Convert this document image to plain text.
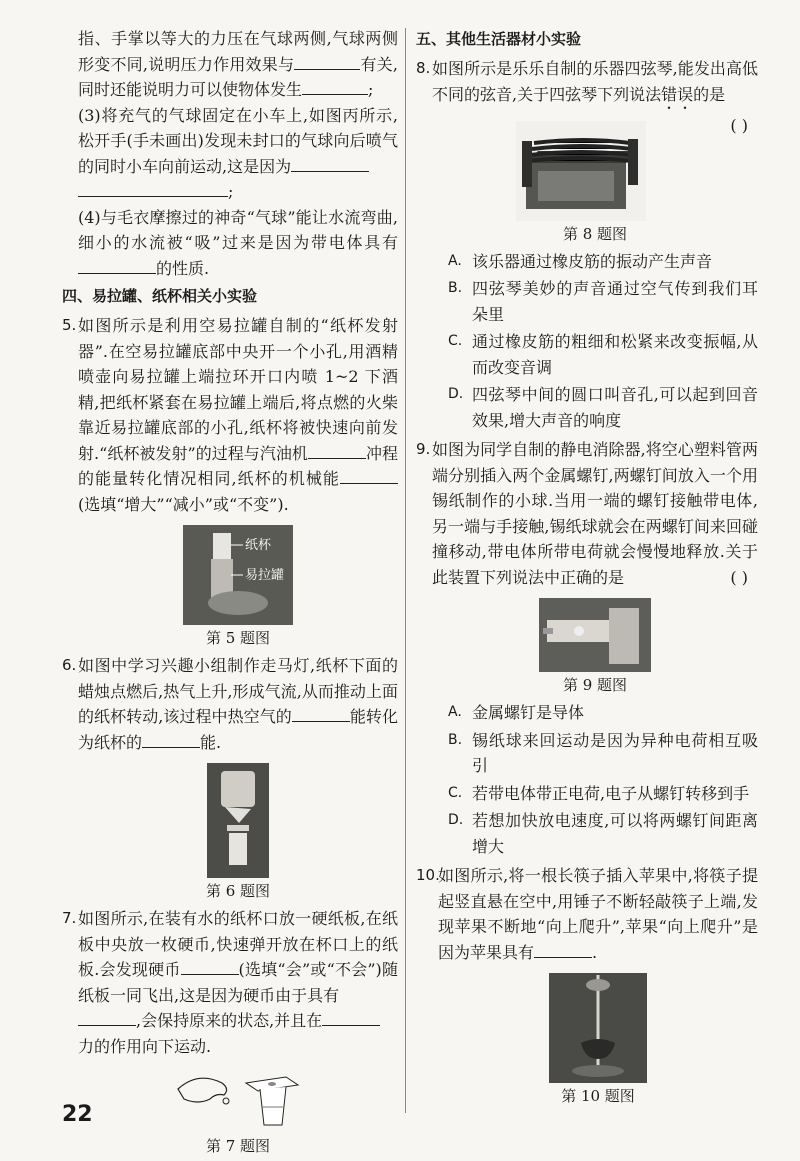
指、手掌以等大的力压在气球两侧,气球两侧形变不同,说明压力作用效果与	有关,同时还能说明力可以使物体发生	;

(3)将充气的气球固定在小车上,如图丙所示,松开手(手未画出)发现未封口的气球向后喷气的同时小车向前运动,这是因为
;

(4)与毛衣摩擦过的神奇“气球”能让水流弯曲,细小的水流被“吸”过来是因为带电体具有的性质.

四、易拉罐、纸杯相关小实验
5. 如图所示是利用空易拉罐自制的“纸杯发射器”.在空易拉罐底部中央开一个小孔,用酒精喷壶向易拉罐上端拉环开口内喷 1~2 下酒精,把纸杯紧套在易拉罐上端后,将点燃的火柴靠近易拉罐底部的小孔,纸杯将被快速向前发射.“纸杯被发射”的过程与汽油机	冲程的能量转化情况相同,纸杯的机械能(选填“增大”“减小”或“不变”).

纸杯
易拉罐
第 5 题图
6. 如图中学习兴趣小组制作走马灯,纸杯下面的蜡烛点燃后,热气上升,形成气流,从而推动上面的纸杯转动,该过程中热空气的	能转化为纸杯的	能.

第 6 题图
7. 如图所示,在装有水的纸杯口放一硬纸板,在纸板中央放一枚硬币,快速弹开放在杯口上的纸板.会发现硬币	(选填“会”或“不会”)随纸板一同飞出,这是因为硬币由于具有
,会保持原来的状态,并且在
力的作用向下运动.

第 7 题图
五、其他生活器材小实验
8. 如图所示是乐乐自制的乐器四弦琴,能发出高低不同的弦音,关于四弦琴下列说法错误的是

( )

第 8 题图
A. 该乐器通过橡皮筋的振动产生声音
B. 四弦琴美妙的声音通过空气传到我们耳朵里
C. 通过橡皮筋的粗细和松紧来改变振幅,从而改变音调
D. 四弦琴中间的圆口叫音孔,可以起到回音效果,增大声音的响度
9. 如图为同学自制的静电消除器,将空心塑料管两端分别插入两个金属螺钉,两螺钉间放入一个用锡纸制作的小球.当用一端的螺钉接触带电体,另一端与手接触,锡纸球就会在两螺钉间来回碰撞移动,带电体所带电荷就会慢慢地释放.关于此装置下列说法中正确的是	( )

第 9 题图
A. 金属螺钉是导体
B. 锡纸球来回运动是因为异种电荷相互吸引
C. 若带电体带正电荷,电子从螺钉转移到手
D. 若想加快放电速度,可以将两螺钉间距离增大
10.

如图所示,将一根长筷子插入苹果中,将筷子提起竖直悬在空中,用锤子不断轻敲筷子上端,发现苹果不断地“向上爬升”,苹果“向上爬升”是因为苹果具有	.

第 10 题图
22
